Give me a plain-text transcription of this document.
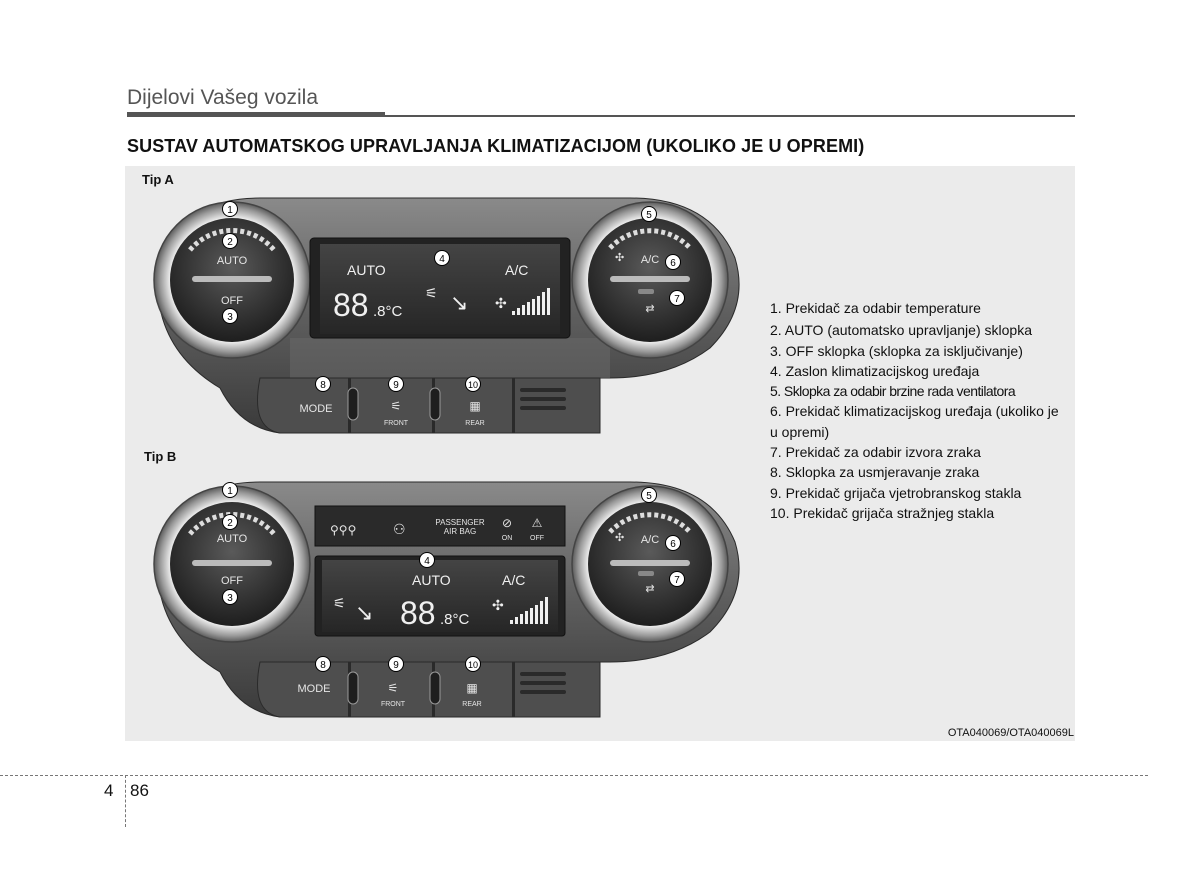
Dijelovi Vašeg vozila
SUSTAV AUTOMATSKOG UPRAVLJANJA KLIMATIZACIJOM (UKOLIKO JE U OPREMI)
Tip A
Tip B
AUTO
OFF
A/C
✣
⇄
AUTO	A/C
88 .8°C
⚟ ↘ ✣
MODE	⚟
FRONT
▦
REAR
1
2
3
4
5
6
7
8	9	10
AUTO
OFF
A/C
✣
⇄
⚲⚲⚲	⚇	PASSENGER
AIR BAG
⊘
ON
⚠
OFF
AUTO	A/C
⚟ ↘ 88 .8°C
✣
MODE	⚟
FRONT
▦
REAR
1
2
3
4
5
6
7
8	9	10
1. Prekidač za odabir temperature
2. AUTO (automatsko upravljanje) sklopka
3. OFF sklopka (sklopka za isključivanje)
4. Zaslon klimatizacijskog uređaja
5. Sklopka za odabir brzine rada ventilatora
6. Prekidač klimatizacijskog uređaja (ukoliko je u opremi)
7. Prekidač za odabir izvora zraka
8. Sklopka za usmjeravanje zraka
9. Prekidač grijača vjetrobranskog stakla
10. Prekidač grijača stražnjeg stakla
OTA040069/OTA040069L
4 86
